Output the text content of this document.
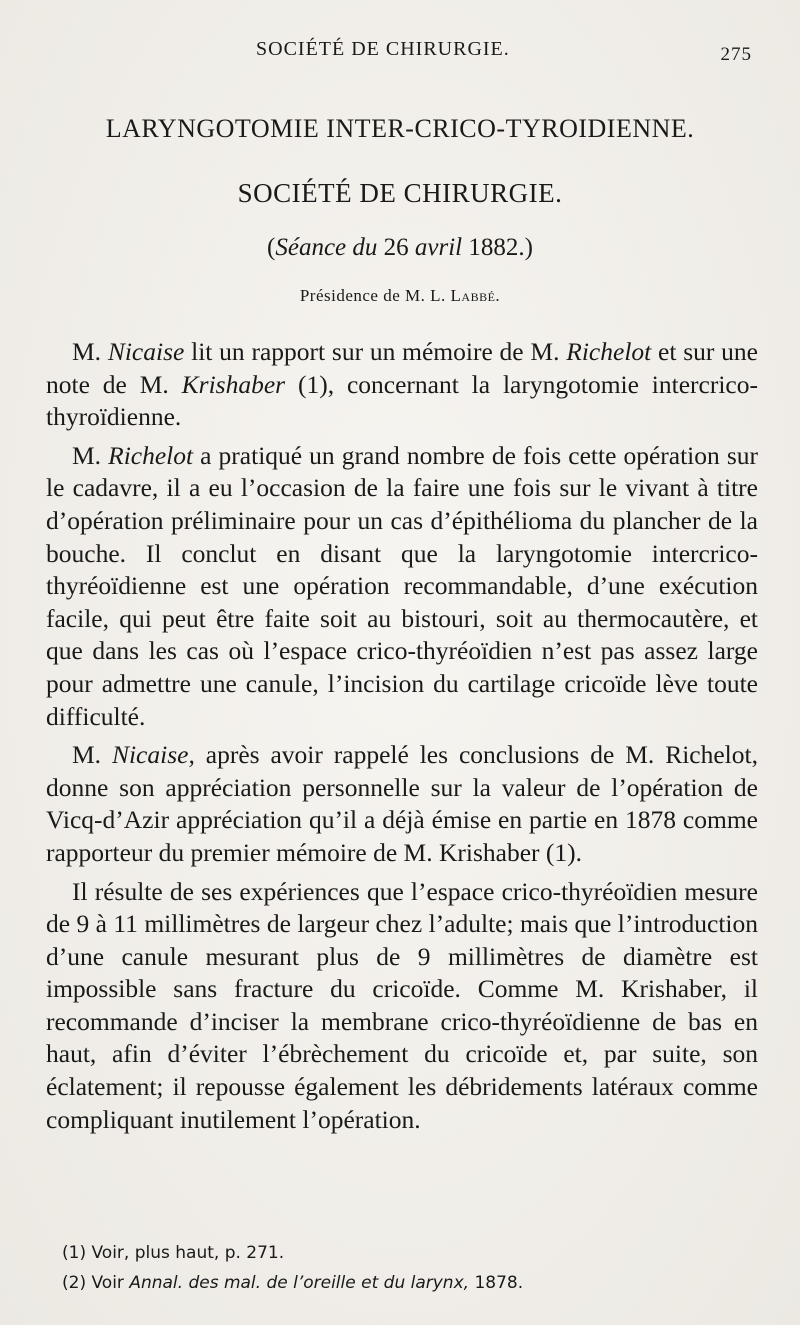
SOCIÉTÉ DE CHIRURGIE.	275
LARYNGOTOMIE INTER-CRICO-TYROIDIENNE.
SOCIÉTÉ DE CHIRURGIE.
(Séance du 26 avril 1882.)
Présidence de M. L. Labbé.

M. Nicaise lit un rapport sur un mémoire de M. Richelot et sur une note de M. Krishaber (1), concernant la laryngotomie intercrico-thyroïdienne.

M. Richelot a pratiqué un grand nombre de fois cette opération sur le cadavre, il a eu l’occasion de la faire une fois sur le vivant à titre d’opération préliminaire pour un cas d’épithélioma du plancher de la bouche. Il conclut en disant que la laryngotomie intercrico-thyréoïdienne est une opération recommandable, d’une exécution facile, qui peut être faite soit au bistouri, soit au thermocautère, et que dans les cas où l’espace crico-thyréoïdien n’est pas assez large pour admettre une canule, l’incision du cartilage cricoïde lève toute difficulté.

M. Nicaise, après avoir rappelé les conclusions de M. Richelot, donne son appréciation personnelle sur la valeur de l’opération de Vicq-d’Azir appréciation qu’il a déjà émise en partie en 1878 comme rapporteur du premier mémoire de M. Krishaber (1).

Il résulte de ses expériences que l’espace crico-thyréoïdien mesure de 9 à 11 millimètres de largeur chez l’adulte; mais que l’introduction d’une canule mesurant plus de 9 millimètres de diamètre est impossible sans fracture du cricoïde. Comme M. Krishaber, il recommande d’inciser la membrane crico-thyréoïdienne de bas en haut, afin d’éviter l’ébrèchement du cricoïde et, par suite, son éclatement; il repousse également les débridements latéraux comme compliquant inutilement l’opération.

(1) Voir, plus haut, p. 271.
(2) Voir Annal. des mal. de l’oreille et du larynx, 1878.
